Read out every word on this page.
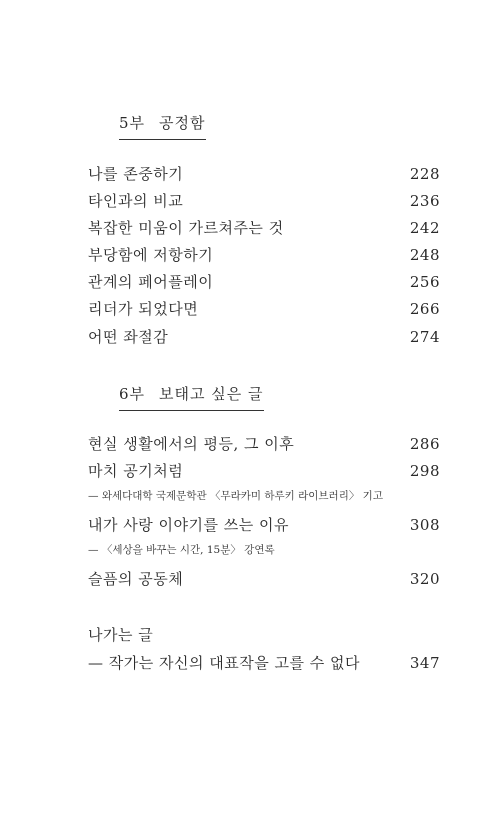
5부 공정함
나를 존중하기	228
타인과의 비교	236
복잡한 미움이 가르쳐주는 것	242
부당함에 저항하기	248
관계의 페어플레이	256
리더가 되었다면	266
어떤 좌절감	274
6부 보태고 싶은 글
현실 생활에서의 평등, 그 이후	286
마치 공기처럼	298
— 와세다대학 국제문학관 〈무라카미 하루키 라이브러리〉 기고
내가 사랑 이야기를 쓰는 이유	308
— 〈세상을 바꾸는 시간, 15분〉 강연록
슬픔의 공동체	320
나가는 글
— 작가는 자신의 대표작을 고를 수 없다	347
